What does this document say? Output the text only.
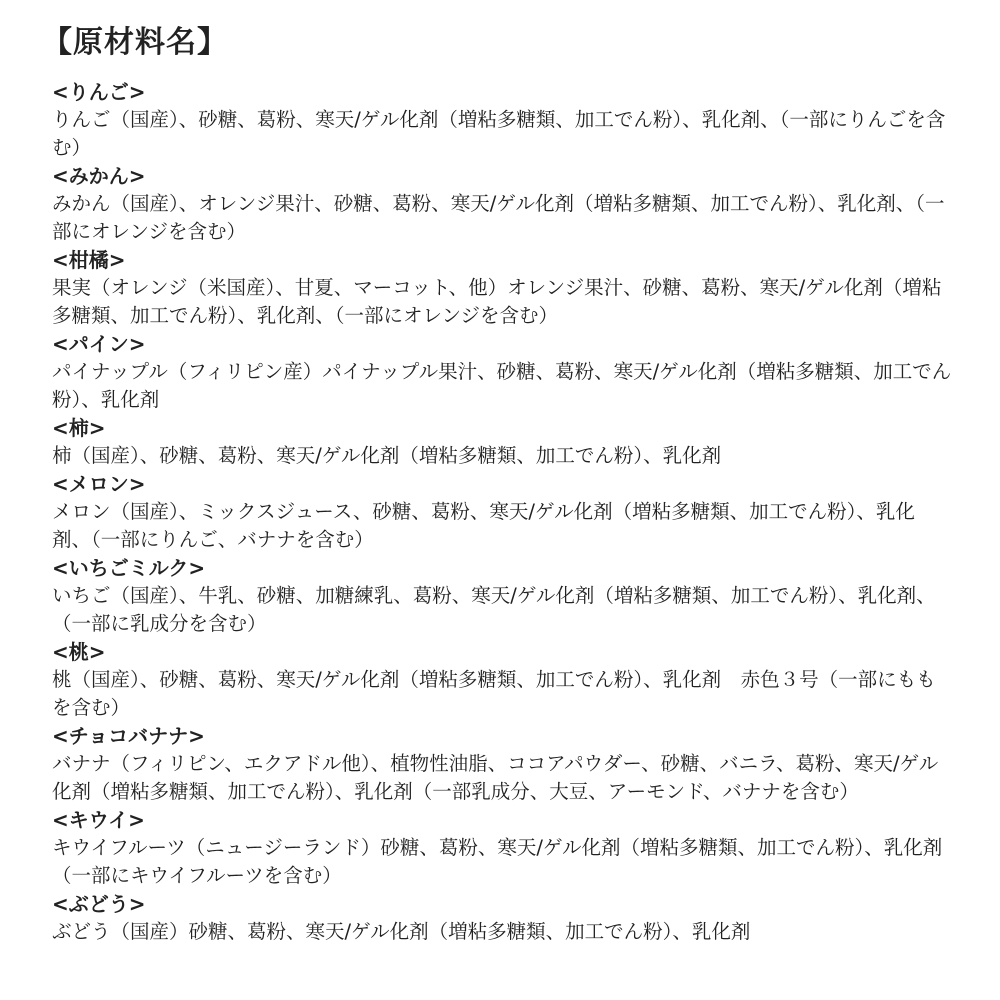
【原材料名】

<りんご>

りんご（国産）、砂糖、葛粉、寒天/ゲル化剤（増粘多糖類、加工でん粉）、乳化剤、（一部にりんごを含む）

<みかん>

みかん（国産）、オレンジ果汁、砂糖、葛粉、寒天/ゲル化剤（増粘多糖類、加工でん粉）、乳化剤、（一部にオレンジを含む）

<柑橘>

果実（オレンジ（米国産）、甘夏、マーコット、他）オレンジ果汁、砂糖、葛粉、寒天/ゲル化剤（増粘多糖類、加工でん粉）、乳化剤、（一部にオレンジを含む）

<パイン>

パイナップル（フィリピン産）パイナップル果汁、砂糖、葛粉、寒天/ゲル化剤（増粘多糖類、加工でん粉）、乳化剤

<柿>

柿（国産）、砂糖、葛粉、寒天/ゲル化剤（増粘多糖類、加工でん粉）、乳化剤

<メロン>

メロン（国産）、ミックスジュース、砂糖、葛粉、寒天/ゲル化剤（増粘多糖類、加工でん粉）、乳化剤、（一部にりんご、バナナを含む）

<いちごミルク>

いちご（国産）、牛乳、砂糖、加糖練乳、葛粉、寒天/ゲル化剤（増粘多糖類、加工でん粉）、乳化剤、（一部に乳成分を含む）

<桃>

桃（国産）、砂糖、葛粉、寒天/ゲル化剤（増粘多糖類、加工でん粉）、乳化剤　赤色３号（一部にももを含む）

<チョコバナナ>

バナナ（フィリピン、エクアドル他）、植物性油脂、ココアパウダー、砂糖、バニラ、葛粉、寒天/ゲル化剤（増粘多糖類、加工でん粉）、乳化剤（一部乳成分、大豆、アーモンド、バナナを含む）

<キウイ>

キウイフルーツ（ニュージーランド）砂糖、葛粉、寒天/ゲル化剤（増粘多糖類、加工でん粉）、乳化剤（一部にキウイフルーツを含む）

<ぶどう>

ぶどう（国産）砂糖、葛粉、寒天/ゲル化剤（増粘多糖類、加工でん粉）、乳化剤
